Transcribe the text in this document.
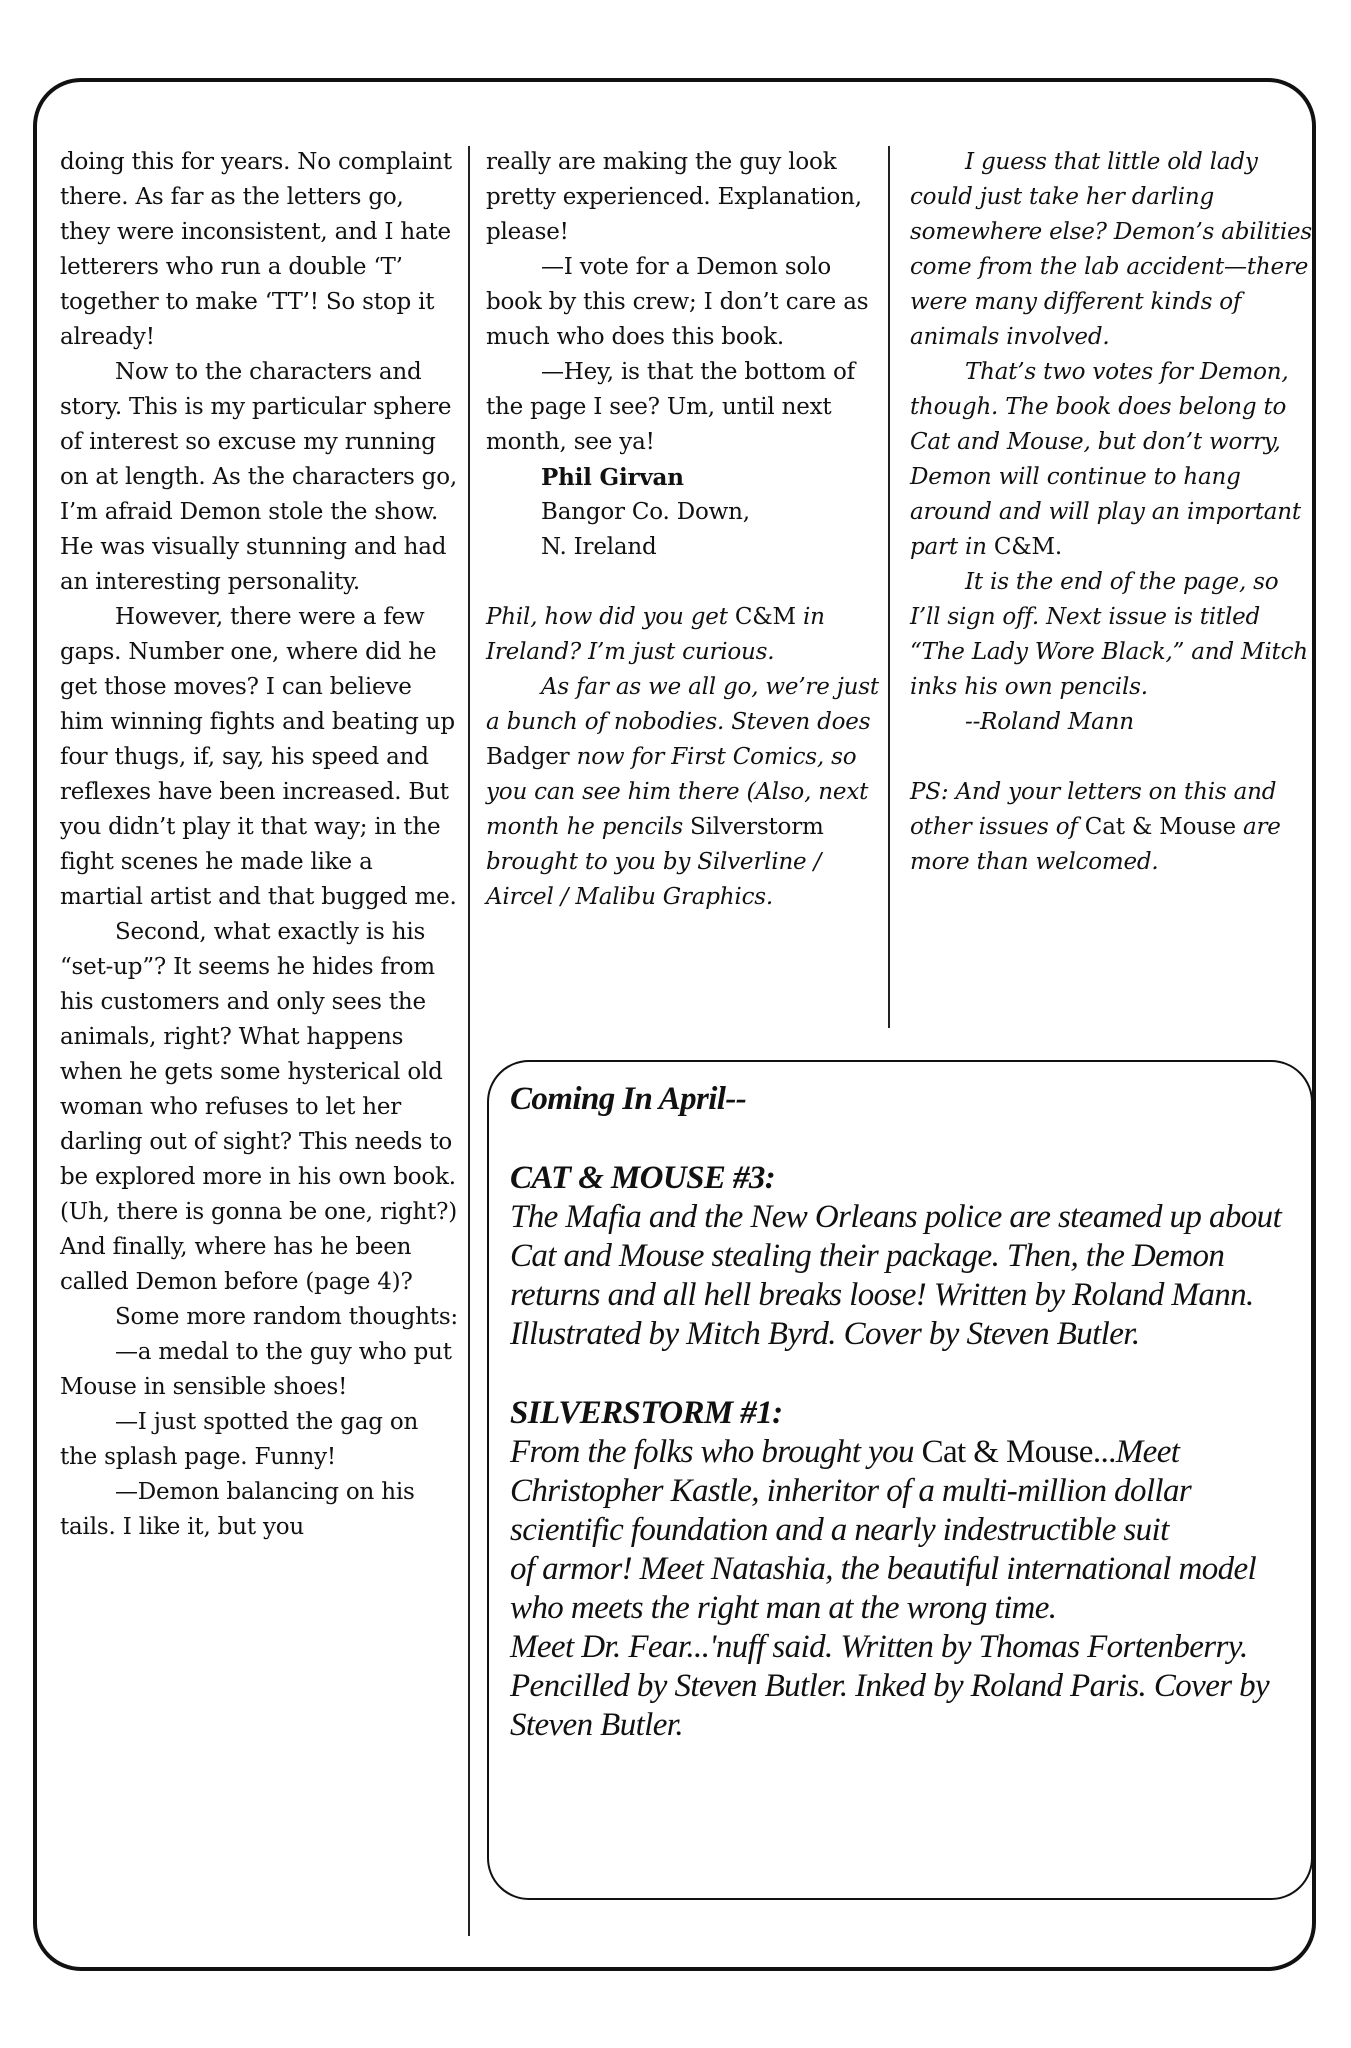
doing this for years. No complaint there. As far as the letters go, they were inconsistent, and I hate letterers who run a double ‘T’ together to make ‘TT’! So stop it already!

Now to the characters and story. This is my particular sphere of interest so excuse my running on at length. As the characters go, I’m afraid Demon stole the show. He was visually stunning and had an interesting personality.

However, there were a few gaps. Number one, where did he get those moves? I can believe him winning fights and beating up four thugs, if, say, his speed and reflexes have been increased. But you didn’t play it that way; in the fight scenes he made like a martial artist and that bugged me.

Second, what exactly is his “set-up”? It seems he hides from his customers and only sees the animals, right? What happens when he gets some hysterical old woman who refuses to let her darling out of sight? This needs to be explored more in his own book. (Uh, there is gonna be one, right?) And finally, where has he been called Demon before (page 4)?

Some more random thoughts:

—a medal to the guy who put Mouse in sensible shoes!

—I just spotted the gag on the splash page. Funny!

—Demon balancing on his tails. I like it, but you

really are making the guy look pretty experienced. Explanation, please!

—I vote for a Demon solo book by this crew; I don’t care as much who does this book.

—Hey, is that the bottom of the page I see? Um, until next month, see ya!

Phil Girvan

Bangor Co. Down,

N. Ireland

Phil, how did you get C&M in Ireland? I’m just curious.

As far as we all go, we’re just a bunch of nobodies. Steven does Badger now for First Comics, so you can see him there (Also, next month he pencils Silverstorm brought to you by Silverline / Aircel / Malibu Graphics.

I guess that little old lady could just take her darling somewhere else? Demon’s abilities come from the lab accident—there were many different kinds of animals involved.

That’s two votes for Demon, though. The book does belong to Cat and Mouse, but don’t worry, Demon will continue to hang around and will play an important part in C&M.

It is the end of the page, so I’ll sign off. Next issue is titled “The Lady Wore Black,” and Mitch inks his own pencils.

--Roland Mann

PS: And your letters on this and other issues of Cat & Mouse are more than welcomed.

Coming In April--

CAT & MOUSE #3:

The Mafia and the New Orleans police are steamed up about Cat and Mouse stealing their package. Then, the Demon returns and all hell breaks loose! Written by Roland Mann. Illustrated by Mitch Byrd. Cover by Steven Butler.

SILVERSTORM #1:

From the folks who brought you Cat & Mouse...Meet Christopher Kastle, inheritor of a multi-million dollar scientific foundation and a nearly indestructible suit

of armor! Meet Natashia, the beautiful international model who meets the right man at the wrong time.

Meet Dr. Fear...'nuff said. Written by Thomas Fortenberry. Pencilled by Steven Butler. Inked by Roland Paris. Cover by Steven Butler.
